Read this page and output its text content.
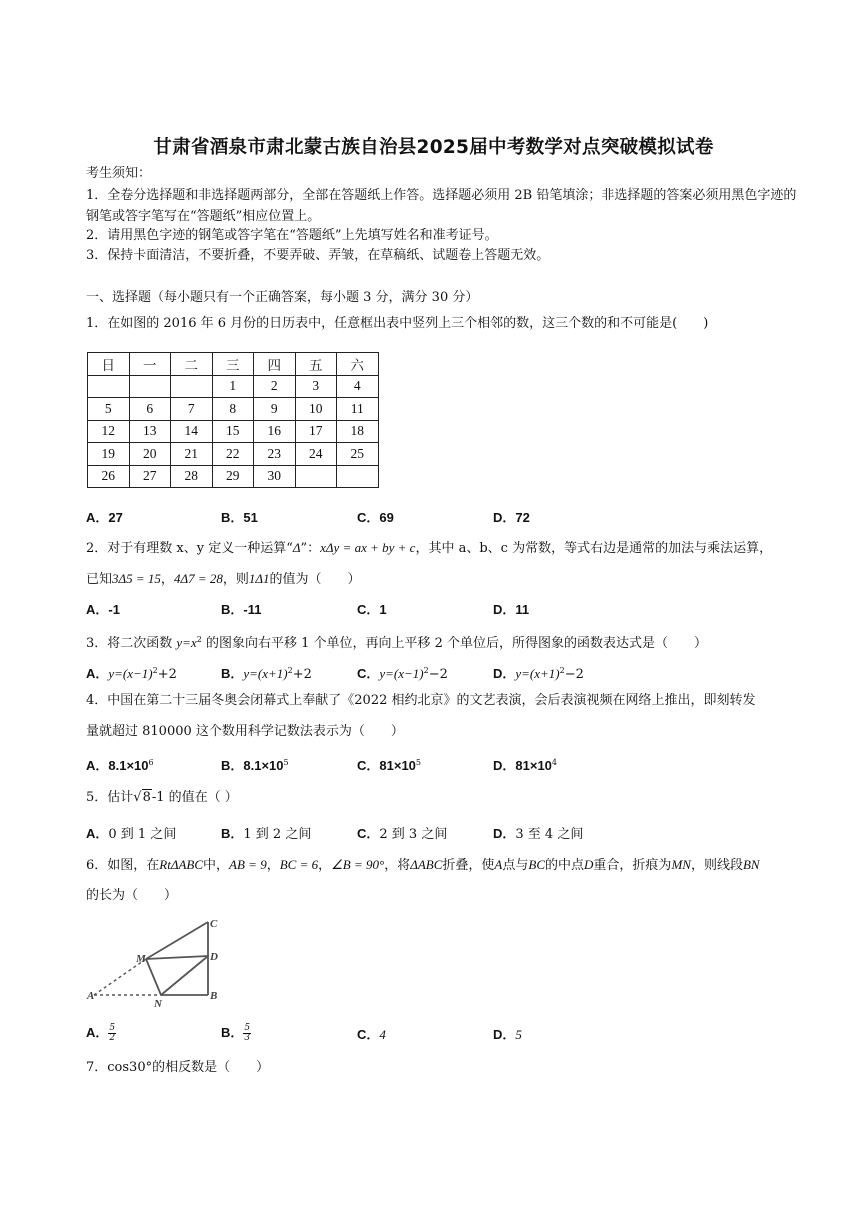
甘肃省酒泉市肃北蒙古族自治县2025届中考数学对点突破模拟试卷
考生须知：
1．全卷分选择题和非选择题两部分，全部在答题纸上作答。选择题必须用 2B 铅笔填涂；非选择题的答案必须用黑色字迹的钢笔或答字笔写在“答题纸”相应位置上。
2．请用黑色字迹的钢笔或答字笔在“答题纸”上先填写姓名和准考证号。
3．保持卡面清洁，不要折叠，不要弄破、弄皱，在草稿纸、试题卷上答题无效。
一、选择题（每小题只有一个正确答案，每小题 3 分，满分 30 分）
1．在如图的 2016 年 6 月份的日历表中，任意框出表中竖列上三个相邻的数，这三个数的和不可能是(　　)
日	一	二	三	四	五	六
			1	2	3	4
5	6	7	8	9	10	11
12	13	14	15	16	17	18
19	20	21	22	23	24	25
26	27	28	29	30		
A．27	B．51	C．69	D．72
2．对于有理数 x、y 定义一种运算“Δ”：xΔy = ax + by + c，其中 a、b、c 为常数，等式右边是通常的加法与乘法运算，
已知3Δ5 = 15，4Δ7 = 28，则1Δ1的值为（　　）
A．-1	B．-11	C．1	D．11
3．将二次函数 $y=x^2$ 的图象向右平移 1 个单位，再向上平移 2 个单位后，所得图象的函数表达式是（　　）
A．$y=(x-1)^2+2$	B．$y=(x+1)^2+2$	C．$y=(x-1)^2-2$	D．$y=(x+1)^2-2$
4．中国在第二十三届冬奥会闭幕式上奉献了《2022 相约北京》的文艺表演，会后表演视频在网络上推出，即刻转发
量就超过 810000 这个数用科学记数法表示为（　　）
A．$8.1\times 10^6$	B．$8.1\times 10^5$	C．$81\times 10^5$	D．$81\times 10^4$
5．估计√8-1 的值在（ ）
A．0 到 1 之间	B．1 到 2 之间	C．2 到 3 之间	D．3 至 4 之间
6．如图，在RtΔABC中，AB = 9，BC = 6，∠B = 90°，将ΔABC折叠，使A点与BC的中点D重合，折痕为MN，则线段BN
的长为（　　）
C
D
B
M
N
A
A． $\frac{5}{2}$	B． $\frac{5}{3}$	C．4	D．5
7．cos30°的相反数是（　　）
